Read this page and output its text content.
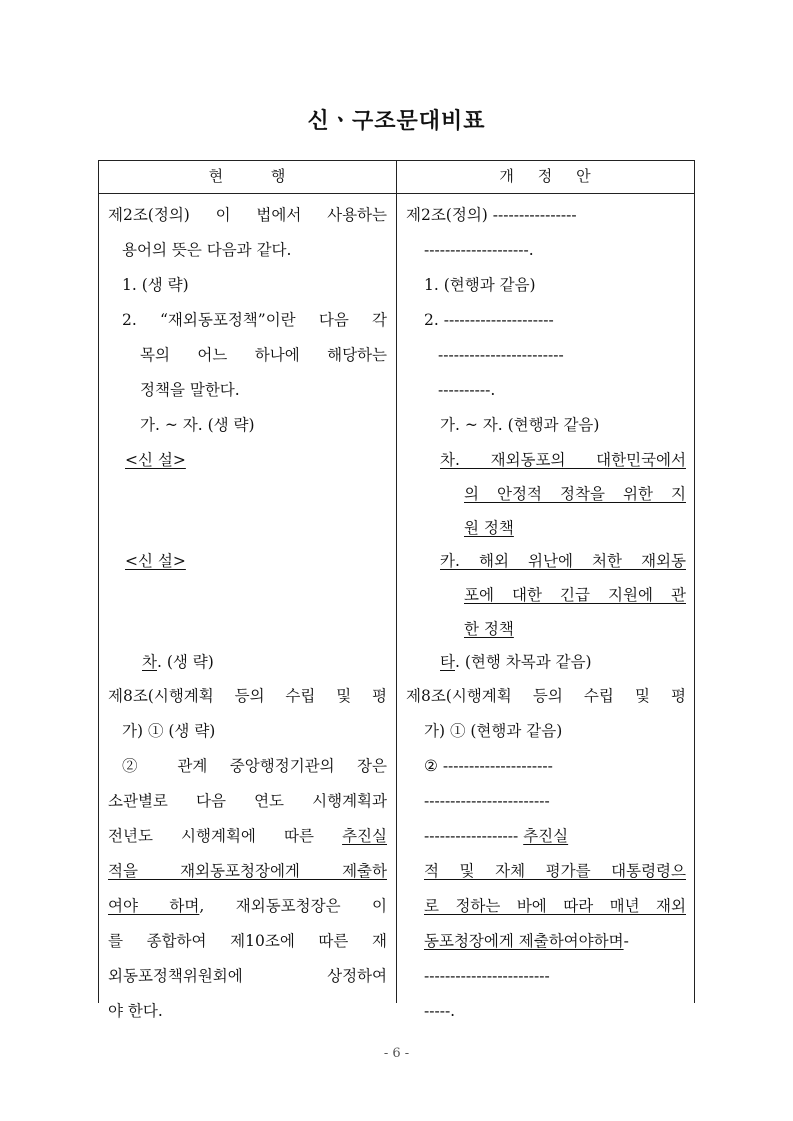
신ㆍ구조문대비표
현          행	개     정     안
제2조(정의) 이 법에서 사용하는
용어의 뜻은 다음과 같다.
1. (생 략)
2. “재외동포정책”이란 다음 각
목의 어느 하나에 해당하는
정책을 말한다.
가. ~ 자. (생 략)
<신 설>
<신 설>
차. (생 략)
제8조(시행계획 등의 수립 및 평
가) ① (생 략)
② 관계 중앙행정기관의 장은
소관별로 다음 연도 시행계획과
전년도 시행계획에 따른 추진실
적을 재외동포청장에게 제출하
여야 하며, 재외동포청장은 이
를 종합하여 제10조에 따른 재
외동포정책위원회에 상정하여
야 한다.
제2조(정의) ----------------
--------------------.
1. (현행과 같음)
2. ---------------------
------------------------
----------.
가. ~ 자. (현행과 같음)
차. 재외동포의 대한민국에서
의 안정적 정착을 위한 지
원 정책
카. 해외 위난에 처한 재외동
포에 대한 긴급 지원에 관
한 정책
타. (현행 차목과 같음)
제8조(시행계획 등의 수립 및 평
가) ① (현행과 같음)
② ---------------------
------------------------
------------------ 추진실
적 및 자체 평가를 대통령령으
로 정하는 바에 따라 매년 재외
동포청장에게 제출하여야하며-
------------------------
-----.
- 6 -
